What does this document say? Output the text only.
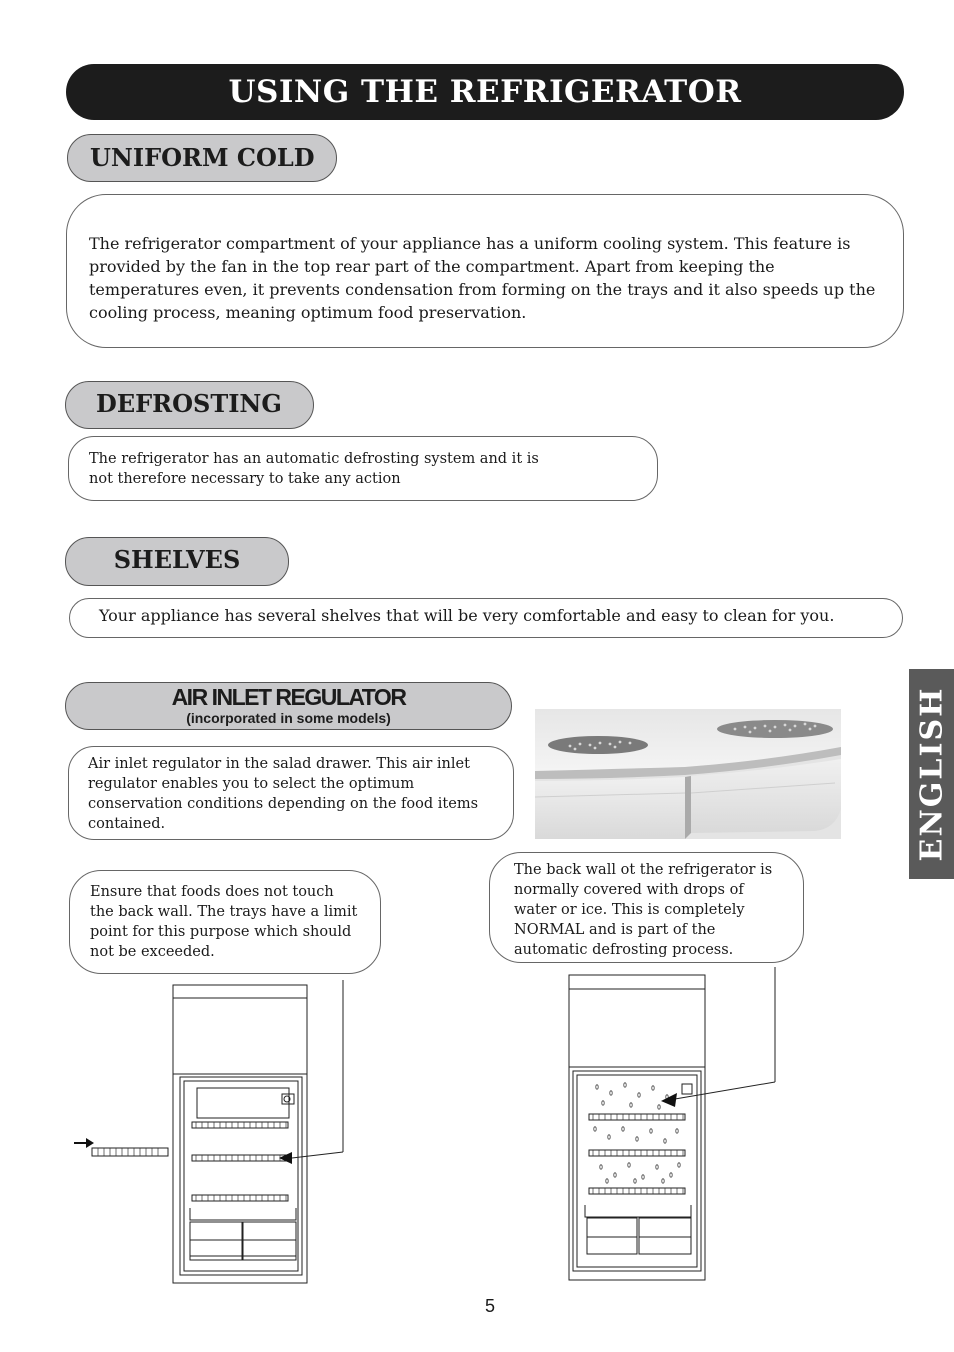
USING THE REFRIGERATOR
UNIFORM COLD
The refrigerator compartment of your appliance has a uniform cooling system. This feature is provided by the fan in the top rear part of the compartment. Apart from keeping the temperatures even, it prevents condensation from forming on the trays and it also speeds up the cooling process, meaning optimum food preservation.
DEFROSTING
The refrigerator has an automatic defrosting system and it is not therefore necessary to take any action
SHELVES
Your appliance has several shelves that will be very comfortable and easy to clean for you.
AIR INLET REGULATOR
(incorporated in some models)
Air inlet regulator in the salad drawer. This air inlet regulator enables you to select the optimum conservation conditions depending on the food items contained.
Ensure that foods does not touch the back wall. The trays have a limit point for this purpose which should not be exceeded.
The back wall ot the refrigerator is normally covered with drops of water or ice. This is completely NORMAL and is part of the automatic defrosting process.
ENGLISH
5
